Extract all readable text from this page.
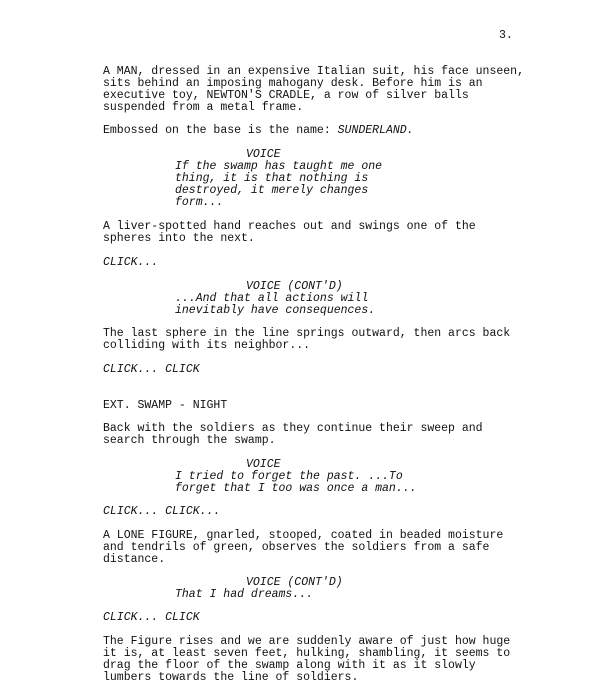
3.
A MAN, dressed in an expensive Italian suit, his face unseen,
sits behind an imposing mahogany desk. Before him is an
executive toy, NEWTON'S CRADLE, a row of silver balls
suspended from a metal frame.
Embossed on the base is the name: SUNDERLAND.
VOICE
If the swamp has taught me one
thing, it is that nothing is
destroyed, it merely changes
form...
A liver-spotted hand reaches out and swings one of the
spheres into the next.
CLICK...
VOICE (CONT'D)
...And that all actions will
inevitably have consequences.
The last sphere in the line springs outward, then arcs back
colliding with its neighbor...
CLICK... CLICK
EXT. SWAMP - NIGHT
Back with the soldiers as they continue their sweep and
search through the swamp.
VOICE
I tried to forget the past. ...To
forget that I too was once a man...
CLICK... CLICK...
A LONE FIGURE, gnarled, stooped, coated in beaded moisture
and tendrils of green, observes the soldiers from a safe
distance.
VOICE (CONT'D)
That I had dreams...
CLICK... CLICK
The Figure rises and we are suddenly aware of just how huge
it is, at least seven feet, hulking, shambling, it seems to
drag the floor of the swamp along with it as it slowly
lumbers towards the line of soldiers.
